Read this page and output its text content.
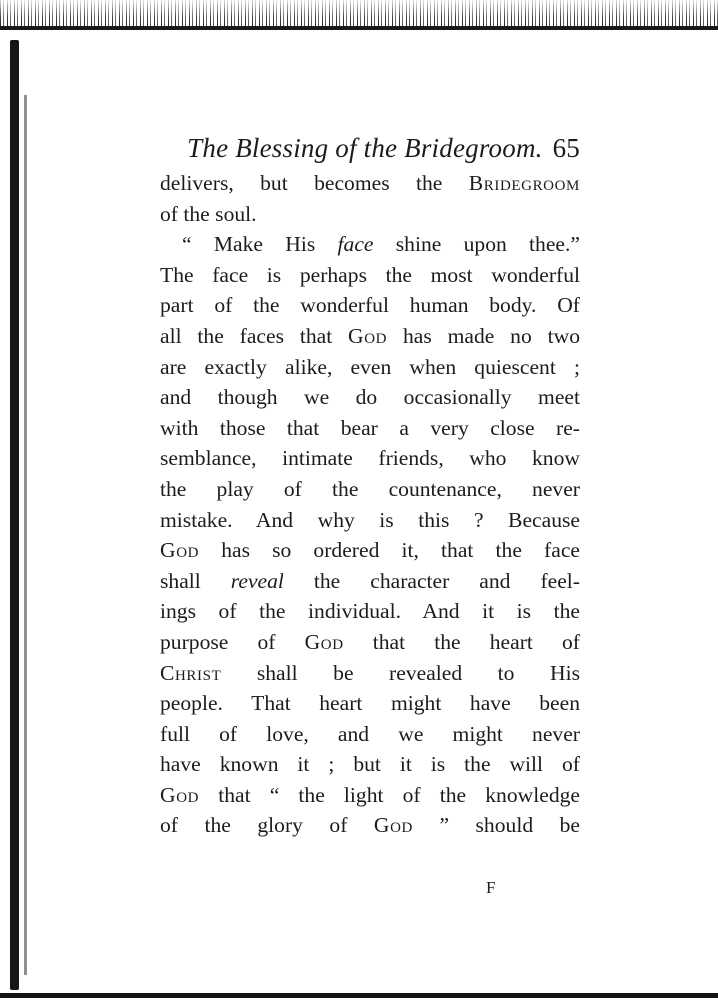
The Blessing of the Bridegroom. 65
delivers, but becomes the Bridegroom
of the soul.
“ Make His face shine upon thee.”
The face is perhaps the most wonderful
part of the wonderful human body. Of
all the faces that God has made no two
are exactly alike, even when quiescent ;
and though we do occasionally meet
with those that bear a very close re-
semblance, intimate friends, who know
the play of the countenance, never
mistake. And why is this ? Because
God has so ordered it, that the face
shall reveal the character and feel-
ings of the individual. And it is the
purpose of God that the heart of
Christ shall be revealed to His
people. That heart might have been
full of love, and we might never
have known it ; but it is the will of
God that “ the light of the knowledge
of the glory of God ” should be
F
